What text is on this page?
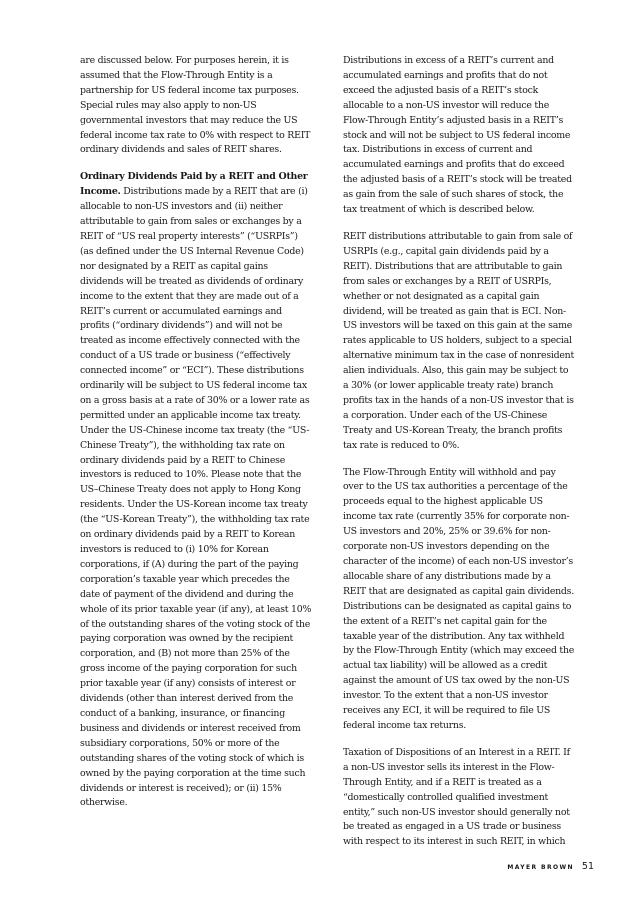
are discussed below. For purposes herein, it is assumed that the Flow-Through Entity is a partnership for US federal income tax purposes. Special rules may also apply to non-US governmental investors that may reduce the US federal income tax rate to 0% with respect to REIT ordinary dividends and sales of REIT shares.

Ordinary Dividends Paid by a REIT and Other Income. Distributions made by a REIT that are (i) allocable to non-US investors and (ii) neither attributable to gain from sales or exchanges by a REIT of “US real property interests” (“USRPIs”) (as defined under the US Internal Revenue Code) nor designated by a REIT as capital gains dividends will be treated as dividends of ordinary income to the extent that they are made out of a REIT’s current or accumulated earnings and profits (“ordinary dividends”) and will not be treated as income effectively connected with the conduct of a US trade or business (“effectively connected income” or “ECI”). These distributions ordinarily will be subject to US federal income tax on a gross basis at a rate of 30% or a lower rate as permitted under an applicable income tax treaty. Under the US-Chinese income tax treaty (the “US-Chinese Treaty”), the withholding tax rate on ordinary dividends paid by a REIT to Chinese investors is reduced to 10%. Please note that the US–Chinese Treaty does not apply to Hong Kong residents. Under the US-Korean income tax treaty (the “US-Korean Treaty”), the withholding tax rate on ordinary dividends paid by a REIT to Korean investors is reduced to (i) 10% for Korean corporations, if (A) during the part of the paying corporation’s taxable year which precedes the date of payment of the dividend and during the whole of its prior taxable year (if any), at least 10% of the outstanding shares of the voting stock of the paying corporation was owned by the recipient corporation, and (B) not more than 25% of the gross income of the paying corporation for such prior taxable year (if any) consists of interest or dividends (other than interest derived from the conduct of a banking, insurance, or financing business and dividends or interest received from subsidiary corporations, 50% or more of the outstanding shares of the voting stock of which is owned by the paying corporation at the time such dividends or interest is received); or (ii) 15% otherwise.

Distributions in excess of a REIT’s current and accumulated earnings and profits that do not exceed the adjusted basis of a REIT’s stock allocable to a non-US investor will reduce the Flow-Through Entity’s adjusted basis in a REIT’s stock and will not be subject to US federal income tax. Distributions in excess of current and accumulated earnings and profits that do exceed the adjusted basis of a REIT’s stock will be treated as gain from the sale of such shares of stock, the tax treatment of which is described below.

REIT distributions attributable to gain from sale of USRPIs (e.g., capital gain dividends paid by a REIT). Distributions that are attributable to gain from sales or exchanges by a REIT of USRPIs, whether or not designated as a capital gain dividend, will be treated as gain that is ECI. Non-US investors will be taxed on this gain at the same rates applicable to US holders, subject to a special alternative minimum tax in the case of nonresident alien individuals. Also, this gain may be subject to a 30% (or lower applicable treaty rate) branch profits tax in the hands of a non-US investor that is a corporation. Under each of the US-Chinese Treaty and US-Korean Treaty, the branch profits tax rate is reduced to 0%.

The Flow-Through Entity will withhold and pay over to the US tax authorities a percentage of the proceeds equal to the highest applicable US income tax rate (currently 35% for corporate non-US investors and 20%, 25% or 39.6% for non-corporate non-US investors depending on the character of the income) of each non-US investor’s allocable share of any distributions made by a REIT that are designated as capital gain dividends. Distributions can be designated as capital gains to the extent of a REIT’s net capital gain for the taxable year of the distribution. Any tax withheld by the Flow-Through Entity (which may exceed the actual tax liability) will be allowed as a credit against the amount of US tax owed by the non-US investor. To the extent that a non-US investor receives any ECI, it will be required to file US federal income tax returns.

Taxation of Dispositions of an Interest in a REIT. If a non-US investor sells its interest in the Flow-Through Entity, and if a REIT is treated as a “domestically controlled qualified investment entity,” such non-US investor should generally not be treated as engaged in a US trade or business with respect to its interest in such REIT, in which

MAYER BROWN 51
